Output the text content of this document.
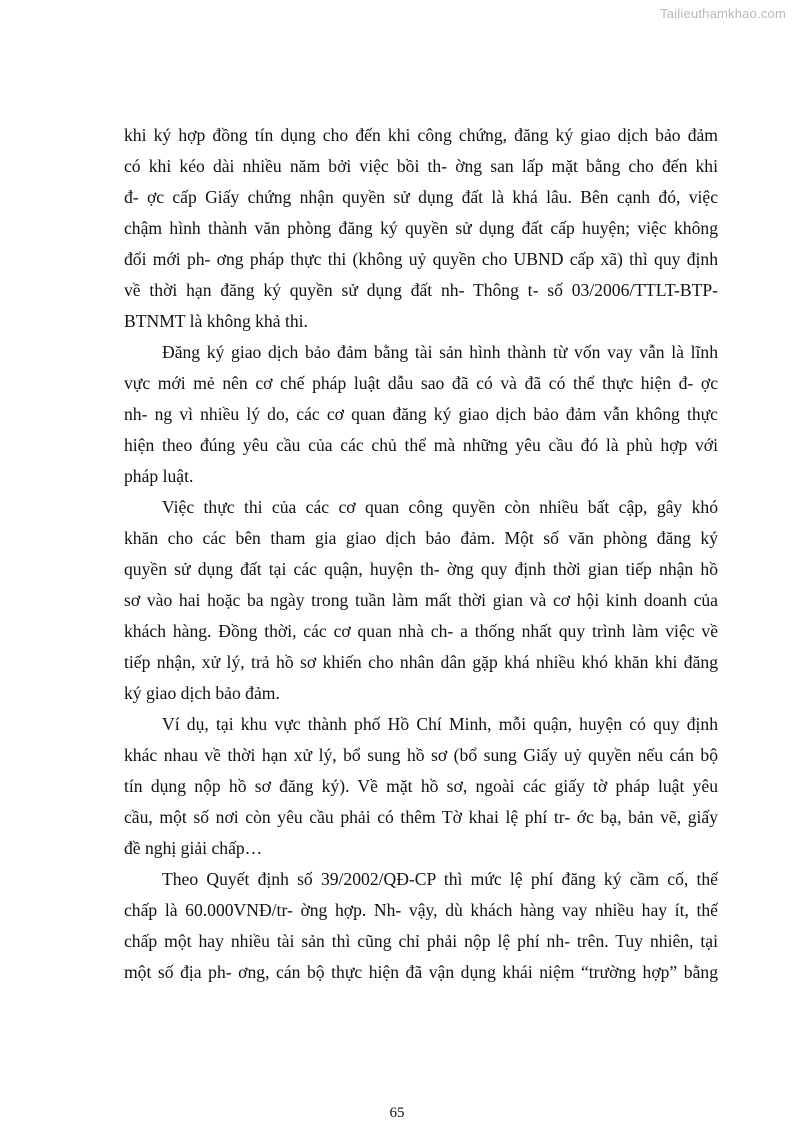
Tailieuthamkhao.com
khi ký hợp đồng tín dụng cho đến khi công chứng, đăng ký giao dịch bảo đảm
có khi kéo dài nhiều năm bởi việc bồi th- ờng san lấp mặt bằng cho đến khi
đ- ợc cấp Giấy chứng nhận quyền sử dụng đất là khá lâu. Bên cạnh đó, việc
chậm hình thành văn phòng đăng ký quyền sử dụng đất cấp huyện; việc không
đổi mới ph- ơng pháp thực thi (không uỷ quyền cho UBND cấp xã) thì quy định
về thời hạn đăng ký quyền sử dụng đất nh- Thông t- số 03/2006/TTLT-BTP-
BTNMT là không khả thi.
Đăng ký giao dịch bảo đảm bằng tài sản hình thành từ vốn vay vẫn là lĩnh
vực mới mẻ nên cơ chế pháp luật dẫu sao đã có và đã có thể thực hiện đ- ợc
nh- ng vì nhiều lý do, các cơ quan đăng ký giao dịch bảo đảm vẫn không thực
hiện theo đúng yêu cầu của các chủ thể mà những yêu cầu đó là phù hợp với
pháp luật.
Việc thực thi của các cơ quan công quyền còn nhiều bất cập, gây khó
khăn cho các bên tham gia giao dịch bảo đảm. Một số văn phòng đăng ký
quyền sử dụng đất tại các quận, huyện th- ờng quy định thời gian tiếp nhận hồ
sơ vào hai hoặc ba ngày trong tuần làm mất thời gian và cơ hội kinh doanh của
khách hàng. Đồng thời, các cơ quan nhà ch- a thống nhất quy trình làm việc về
tiếp nhận, xử lý, trả hồ sơ khiến cho nhân dân gặp khá nhiều khó khăn khi đăng
ký giao dịch bảo đảm.
Ví dụ, tại khu vực thành phố Hồ Chí Minh, mỗi quận, huyện có quy định
khác nhau về thời hạn xử lý, bổ sung hồ sơ (bổ sung Giấy uỷ quyền nếu cán bộ
tín dụng nộp hồ sơ đăng ký). Về mặt hồ sơ, ngoài các giấy tờ pháp luật yêu
cầu, một số nơi còn yêu cầu phải có thêm Tờ khai lệ phí tr- ớc bạ, bản vẽ, giấy
đề nghị giải chấp…
Theo Quyết định số 39/2002/QĐ-CP thì mức lệ phí đăng ký cầm cố, thế
chấp là 60.000VNĐ/tr- ờng hợp. Nh- vậy, dù khách hàng vay nhiều hay ít, thế
chấp một hay nhiều tài sản thì cũng chỉ phải nộp lệ phí nh- trên. Tuy nhiên, tại
một số địa ph- ơng, cán bộ thực hiện đã vận dụng khái niệm “trường hợp” bằng
65
